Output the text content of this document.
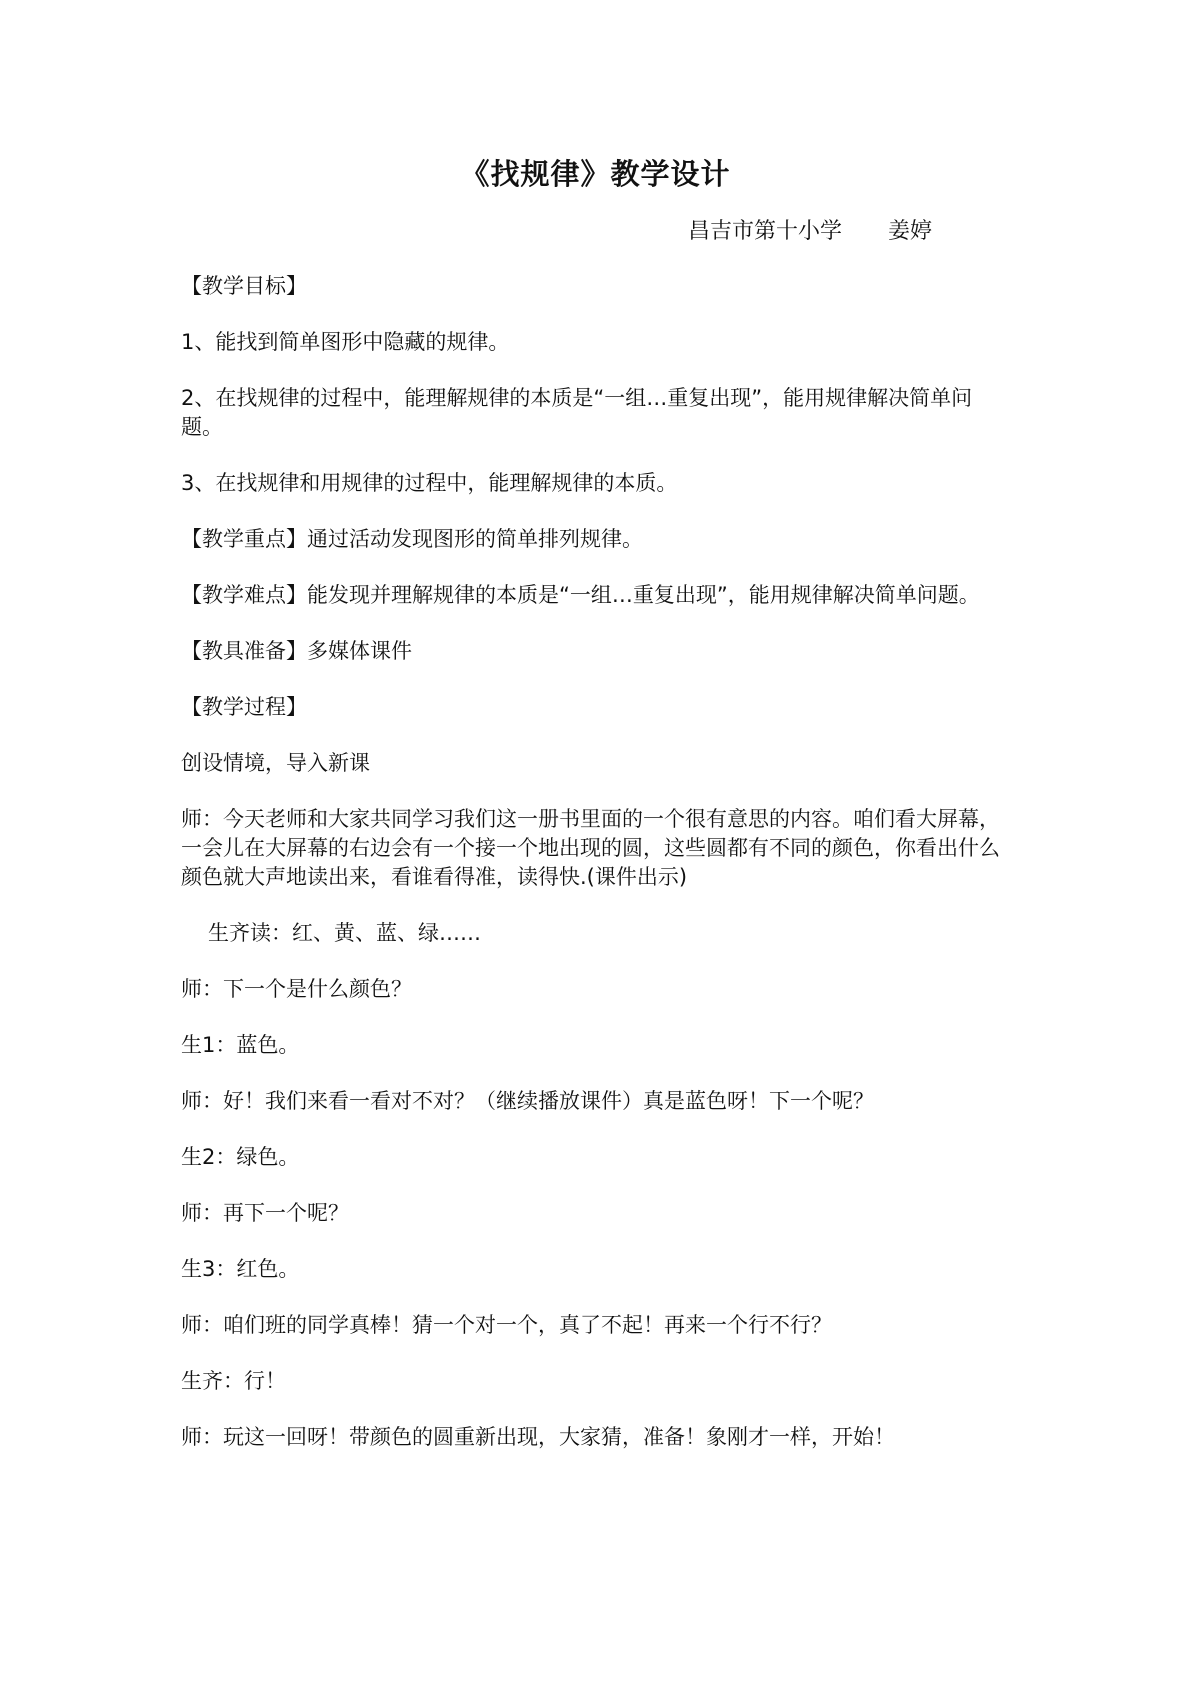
《找规律》教学设计
昌吉市第十小学 姜婷

【教学目标】

1、能找到简单图形中隐藏的规律。

2、在找规律的过程中，能理解规律的本质是“一组…重复出现”，能用规律解决简单问题。

3、在找规律和用规律的过程中，能理解规律的本质。

【教学重点】通过活动发现图形的简单排列规律。

【教学难点】能发现并理解规律的本质是“一组…重复出现”，能用规律解决简单问题。

【教具准备】多媒体课件

【教学过程】

创设情境，导入新课

师：今天老师和大家共同学习我们这一册书里面的一个很有意思的内容。咱们看大屏幕，一会儿在大屏幕的右边会有一个接一个地出现的圆，这些圆都有不同的颜色，你看出什么颜色就大声地读出来，看谁看得准，读得快.(课件出示)

生齐读：红、黄、蓝、绿……

师：下一个是什么颜色？

生1：蓝色。

师：好！我们来看一看对不对？（继续播放课件）真是蓝色呀！下一个呢？

生2：绿色。

师：再下一个呢？

生3：红色。

师：咱们班的同学真棒！猜一个对一个，真了不起！再来一个行不行？

生齐：行！

师：玩这一回呀！带颜色的圆重新出现，大家猜，准备！象刚才一样，开始！
